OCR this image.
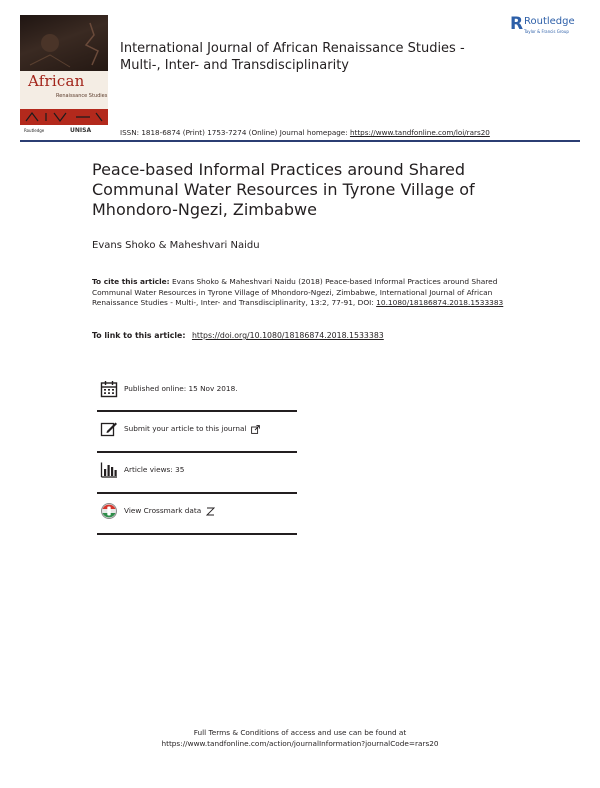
African
Renaissance Studies
Routledge	UNISA
International Journal of African Renaissance Studies - Multi-, Inter- and Transdisciplinarity
R Routledge
Taylor & Francis Group
ISSN: 1818-6874 (Print) 1753-7274 (Online) Journal homepage: https://www.tandfonline.com/loi/rars20
Peace-based Informal Practices around Shared Communal Water Resources in Tyrone Village of Mhondoro-Ngezi, Zimbabwe
Evans Shoko & Maheshvari Naidu
To cite this article: Evans Shoko & Maheshvari Naidu (2018) Peace-based Informal Practices around Shared Communal Water Resources in Tyrone Village of Mhondoro-Ngezi, Zimbabwe, International Journal of African Renaissance Studies - Multi-, Inter- and Transdisciplinarity, 13:2, 77-91, DOI: 10.1080/18186874.2018.1533383
To link to this article: https://doi.org/10.1080/18186874.2018.1533383
Published online: 15 Nov 2018.
Submit your article to this journal
Article views: 35
View Crossmark data
Full Terms & Conditions of access and use can be found at
https://www.tandfonline.com/action/journalInformation?journalCode=rars20
